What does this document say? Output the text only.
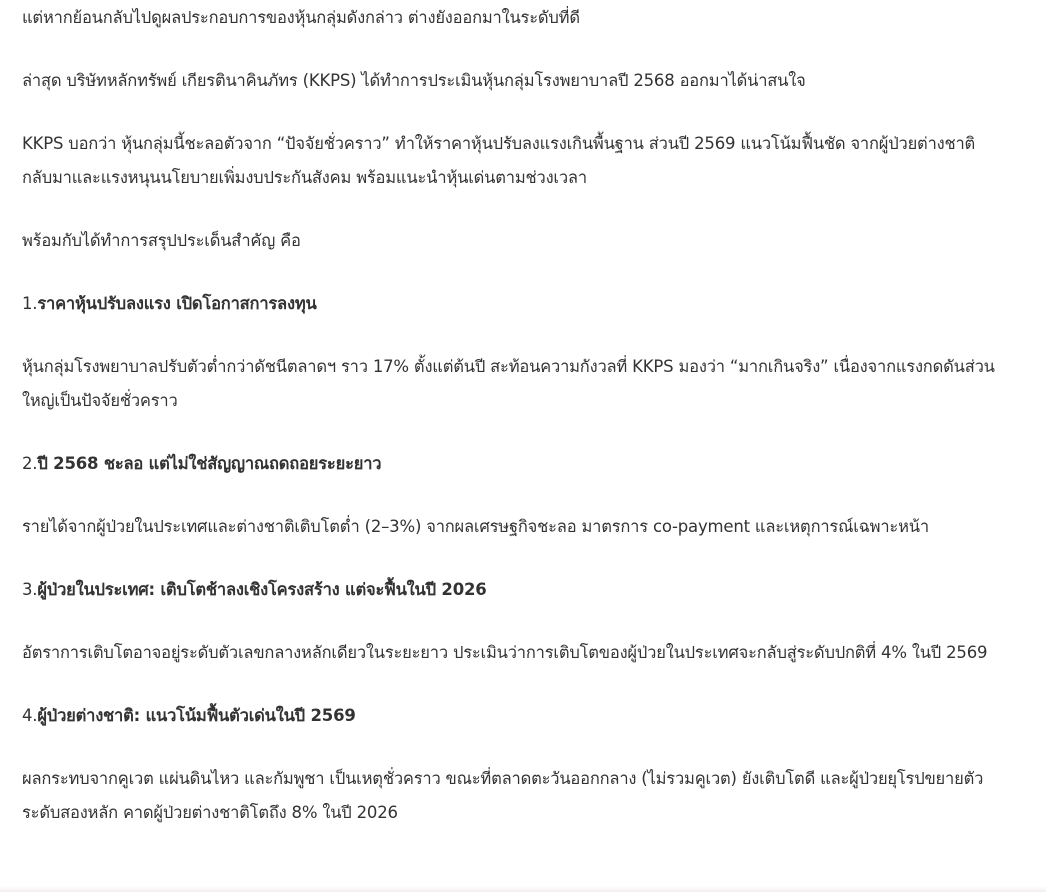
แต่หากย้อนกลับไปดูผลประกอบการของหุ้นกลุ่มดังกล่าว ต่างยังออกมาในระดับที่ดี

ล่าสุด บริษัทหลักทรัพย์ เกียรตินาคินภัทร (KKPS) ได้ทำการประเมินหุ้นกลุ่มโรงพยาบาลปี 2568 ออกมาได้น่าสนใจ

KKPS บอกว่า หุ้นกลุ่มนี้ชะลอตัวจาก “ปัจจัยชั่วคราว” ทำให้ราคาหุ้นปรับลงแรงเกินพื้นฐาน ส่วนปี 2569 แนวโน้มฟื้นชัด จากผู้ป่วยต่างชาติกลับมาและแรงหนุนนโยบายเพิ่มงบประกันสังคม พร้อมแนะนำหุ้นเด่นตามช่วงเวลา

พร้อมกับได้ทำการสรุปประเด็นสำคัญ คือ

1.ราคาหุ้นปรับลงแรง เปิดโอกาสการลงทุน

หุ้นกลุ่มโรงพยาบาลปรับตัวต่ำกว่าดัชนีตลาดฯ ราว 17% ตั้งแต่ต้นปี สะท้อนความกังวลที่ KKPS มองว่า “มากเกินจริง” เนื่องจากแรงกดดันส่วนใหญ่เป็นปัจจัยชั่วคราว

2.ปี 2568 ชะลอ แต่ไม่ใช่สัญญาณถดถอยระยะยาว

รายได้จากผู้ป่วยในประเทศและต่างชาติเติบโตต่ำ (2–3%) จากผลเศรษฐกิจชะลอ มาตรการ co-payment และเหตุการณ์เฉพาะหน้า

3.ผู้ป่วยในประเทศ: เติบโตช้าลงเชิงโครงสร้าง แต่จะฟื้นในปี 2026

อัตราการเติบโตอาจอยู่ระดับตัวเลขกลางหลักเดียวในระยะยาว ประเมินว่าการเติบโตของผู้ป่วยในประเทศจะกลับสู่ระดับปกติที่ 4% ในปี 2569

4.ผู้ป่วยต่างชาติ: แนวโน้มฟื้นตัวเด่นในปี 2569

ผลกระทบจากคูเวต แผ่นดินไหว และกัมพูชา เป็นเหตุชั่วคราว ขณะที่ตลาดตะวันออกกลาง (ไม่รวมคูเวต) ยังเติบโตดี และผู้ป่วยยุโรปขยายตัวระดับสองหลัก คาดผู้ป่วยต่างชาติโตถึง 8% ในปี 2026
